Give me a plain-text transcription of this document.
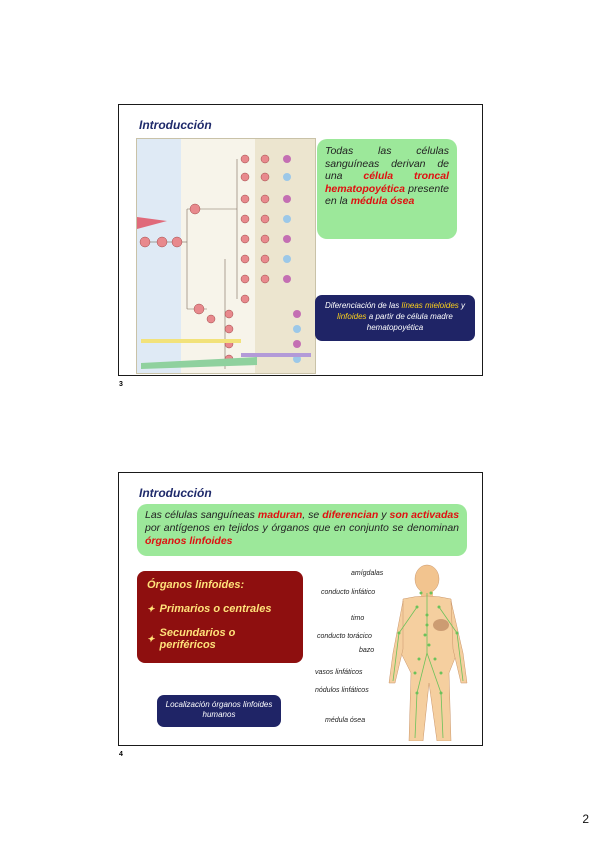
Introducción
Todas las células sanguíneas derivan de una célula troncal hematopoyética presente en la médula ósea
Diferenciación de las líneas mieloides y linfoides a partir de célula madre hematopoyética
3
Introducción
Las células sanguíneas maduran, se diferencian y son activadas por antígenos en tejidos y órganos que en conjunto se denominan órganos linfoides
Órganos linfoides:
✦ Primarios o centrales
✦ Secundarios o periféricos
Localización órganos linfoides humanos
amígdalas
conducto linfático
timo
conducto torácico
bazo
vasos linfáticos
nódulos linfáticos
médula ósea
4
2
